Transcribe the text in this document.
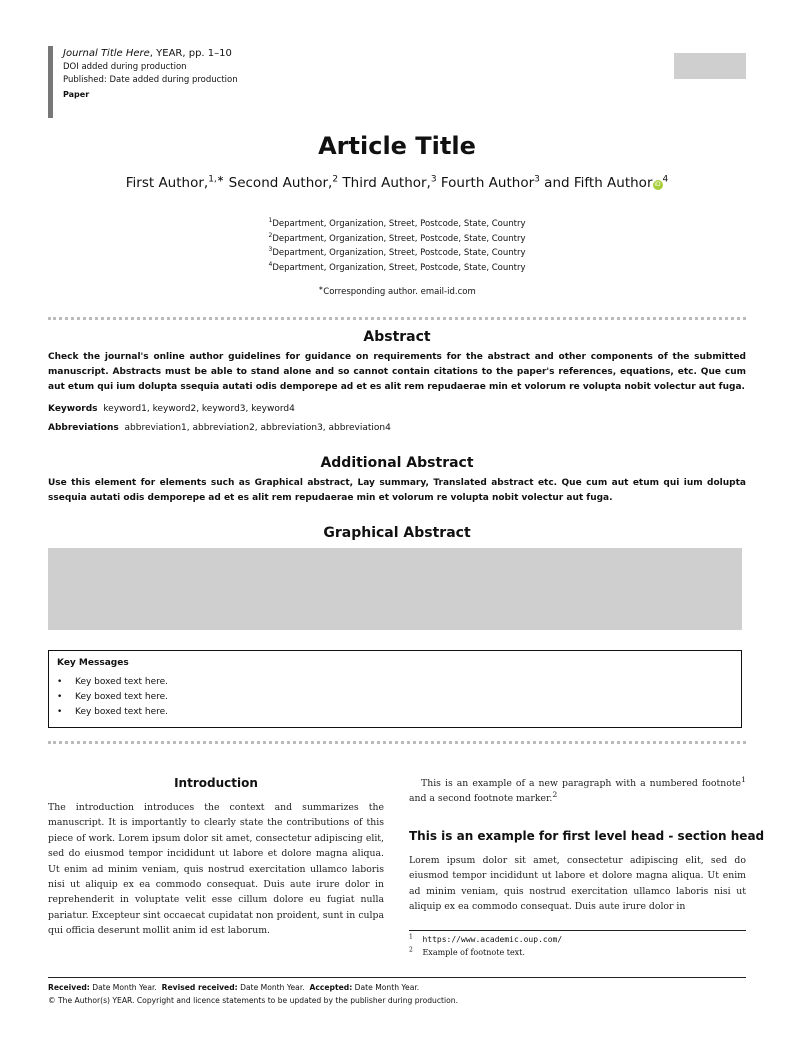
Journal Title Here, YEAR, pp. 1–10
DOI added during production
Published: Date added during production
Paper
Article Title
First Author,$^{1,∗}$ Second Author,$^2$ Third Author,$^3$ Fourth Author$^3$ and Fifth Author iD $^4$
$^1$Department, Organization, Street, Postcode, State, Country
$^2$Department, Organization, Street, Postcode, State, Country
$^3$Department, Organization, Street, Postcode, State, Country
$^4$Department, Organization, Street, Postcode, State, Country
∗Corresponding author. email-id.com
Abstract
Check the journal's online author guidelines for guidance on requirements for the abstract and other components of the submitted manuscript. Abstracts must be able to stand alone and so cannot contain citations to the paper's references, equations, etc. Que cum aut etum qui ium dolupta ssequia autati odis demporepe ad et es alit rem repudaerae min et volorum re volupta nobit volectur aut fuga.
Keywords keyword1, keyword2, keyword3, keyword4
Abbreviations abbreviation1, abbreviation2, abbreviation3, abbreviation4
Additional Abstract
Use this element for elements such as Graphical abstract, Lay summary, Translated abstract etc. Que cum aut etum qui ium dolupta ssequia autati odis demporepe ad et es alit rem repudaerae min et volorum re volupta nobit volectur aut fuga.
Graphical Abstract
Key Messages
• Key boxed text here.
• Key boxed text here.
• Key boxed text here.
Introduction
The introduction introduces the context and summarizes the manuscript. It is importantly to clearly state the contributions of this piece of work. Lorem ipsum dolor sit amet, consectetur adipiscing elit, sed do eiusmod tempor incididunt ut labore et dolore magna aliqua. Ut enim ad minim veniam, quis nostrud exercitation ullamco laboris nisi ut aliquip ex ea commodo consequat. Duis aute irure dolor in reprehenderit in voluptate velit esse cillum dolore eu fugiat nulla pariatur. Excepteur sint occaecat cupidatat non proident, sunt in culpa qui officia deserunt mollit anim id est laborum.
This is an example of a new paragraph with a numbered footnote$^1$ and a second footnote marker.$^2$
This is an example for first level head - section head
Lorem ipsum dolor sit amet, consectetur adipiscing elit, sed do eiusmod tempor incididunt ut labore et dolore magna aliqua. Ut enim ad minim veniam, quis nostrud exercitation ullamco laboris nisi ut aliquip ex ea commodo consequat. Duis aute irure dolor in
$^1$ https://www.academic.oup.com/
$^2$ Example of footnote text.
Received: Date Month Year. Revised received: Date Month Year. Accepted: Date Month Year.
© The Author(s) YEAR. Copyright and licence statements to be updated by the publisher during production.
